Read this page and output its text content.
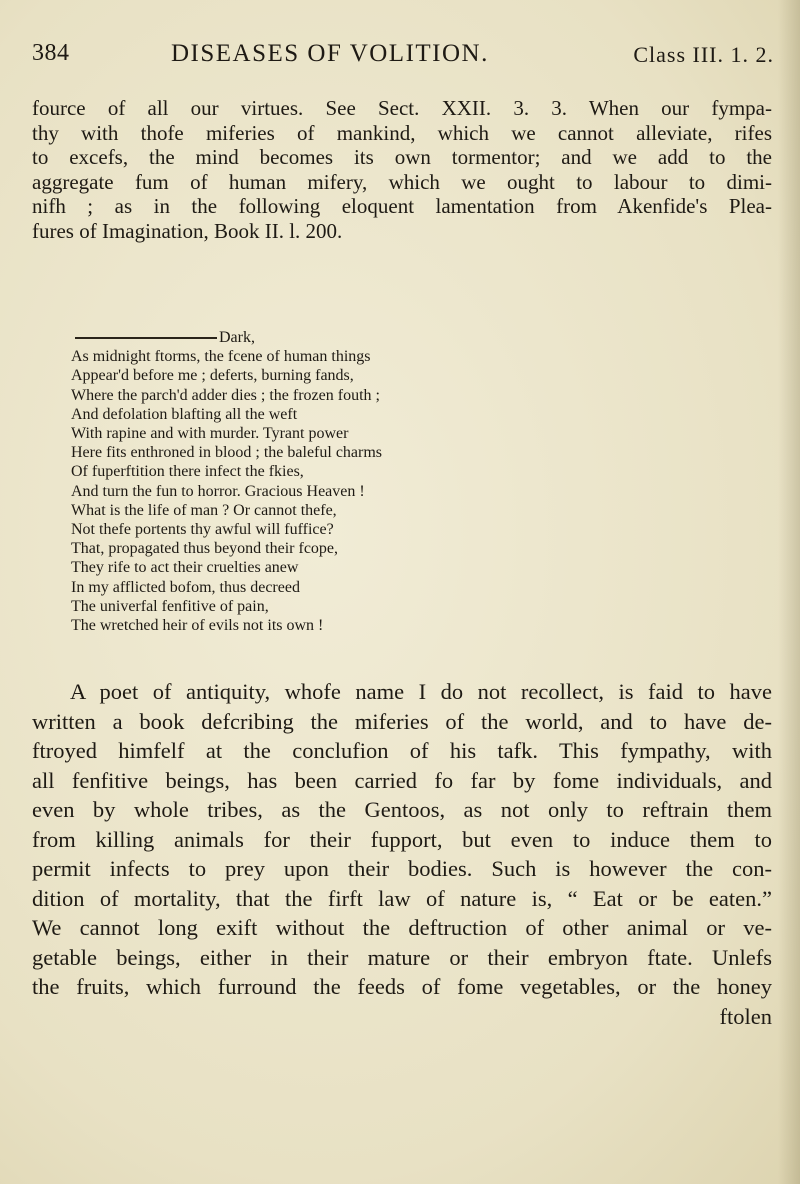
384	DISEASES OF VOLITION.	Class III. 1. 2.
fource of all our virtues. See Sect. XXII. 3. 3. When our fympa-
thy with thofe miferies of mankind, which we cannot alleviate, rifes
to excefs, the mind becomes its own tormentor; and we add to the
aggregate fum of human mifery, which we ought to labour to dimi-
nifh ; as in the following eloquent lamentation from Akenfide's Plea-
fures of Imagination, Book II. l. 200.
Dark,
As midnight ftorms, the fcene of human things
Appear'd before me ; deferts, burning fands,
Where the parch'd adder dies ; the frozen fouth ;
And defolation blafting all the weft
With rapine and with murder. Tyrant power
Here fits enthroned in blood ; the baleful charms
Of fuperftition there infect the fkies,
And turn the fun to horror. Gracious Heaven !
What is the life of man ? Or cannot thefe,
Not thefe portents thy awful will fuffice?
That, propagated thus beyond their fcope,
They rife to act their cruelties anew
In my afflicted bofom, thus decreed
The univerfal fenfitive of pain,
The wretched heir of evils not its own !
A poet of antiquity, whofe name I do not recollect, is faid to have
written a book defcribing the miferies of the world, and to have de-
ftroyed himfelf at the conclufion of his tafk. This fympathy, with
all fenfitive beings, has been carried fo far by fome individuals, and
even by whole tribes, as the Gentoos, as not only to reftrain them
from killing animals for their fupport, but even to induce them to
permit infects to prey upon their bodies. Such is however the con-
dition of mortality, that the firft law of nature is, “ Eat or be eaten.”
We cannot long exift without the deftruction of other animal or ve-
getable beings, either in their mature or their embryon ftate. Unlefs
the fruits, which furround the feeds of fome vegetables, or the honey
ftolen
